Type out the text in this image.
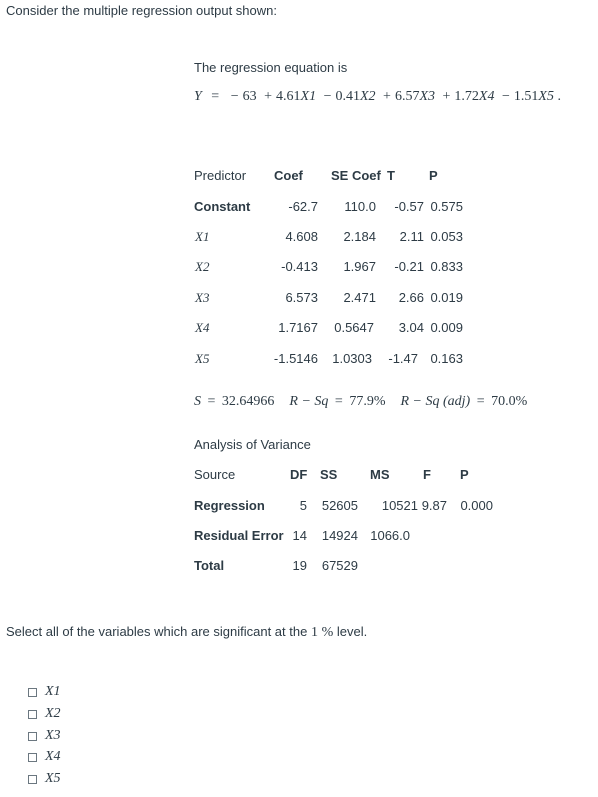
Consider the multiple regression output shown:
The regression equation is
Y = − 63 + 4.61X1 − 0.41X2 + 6.57X3 + 1.72X4 − 1.51X5 .
Predictor Coef SE Coef T	P
Constant	-62.7 110.0 -0.57 0.575
X1	4.608 2.184 2.11 0.053
X2	-0.413 1.967 -0.21 0.833
X3	6.573 2.471 2.66 0.019
X4	1.7167 0.5647 3.04 0.009
X5	-1.5146 1.0303 -1.47 0.163
S = 32.64966 R − Sq = 77.9% R − Sq (adj) = 70.0%
Analysis of Variance
Source	DF SS	MS	F P
Regression	5 52605 10521 9.87 0.000
Residual Error 14 14924 1066.0
Total	19 67529
Select all of the variables which are significant at the 1 % level.
X1
X2
X3
X4
X5
